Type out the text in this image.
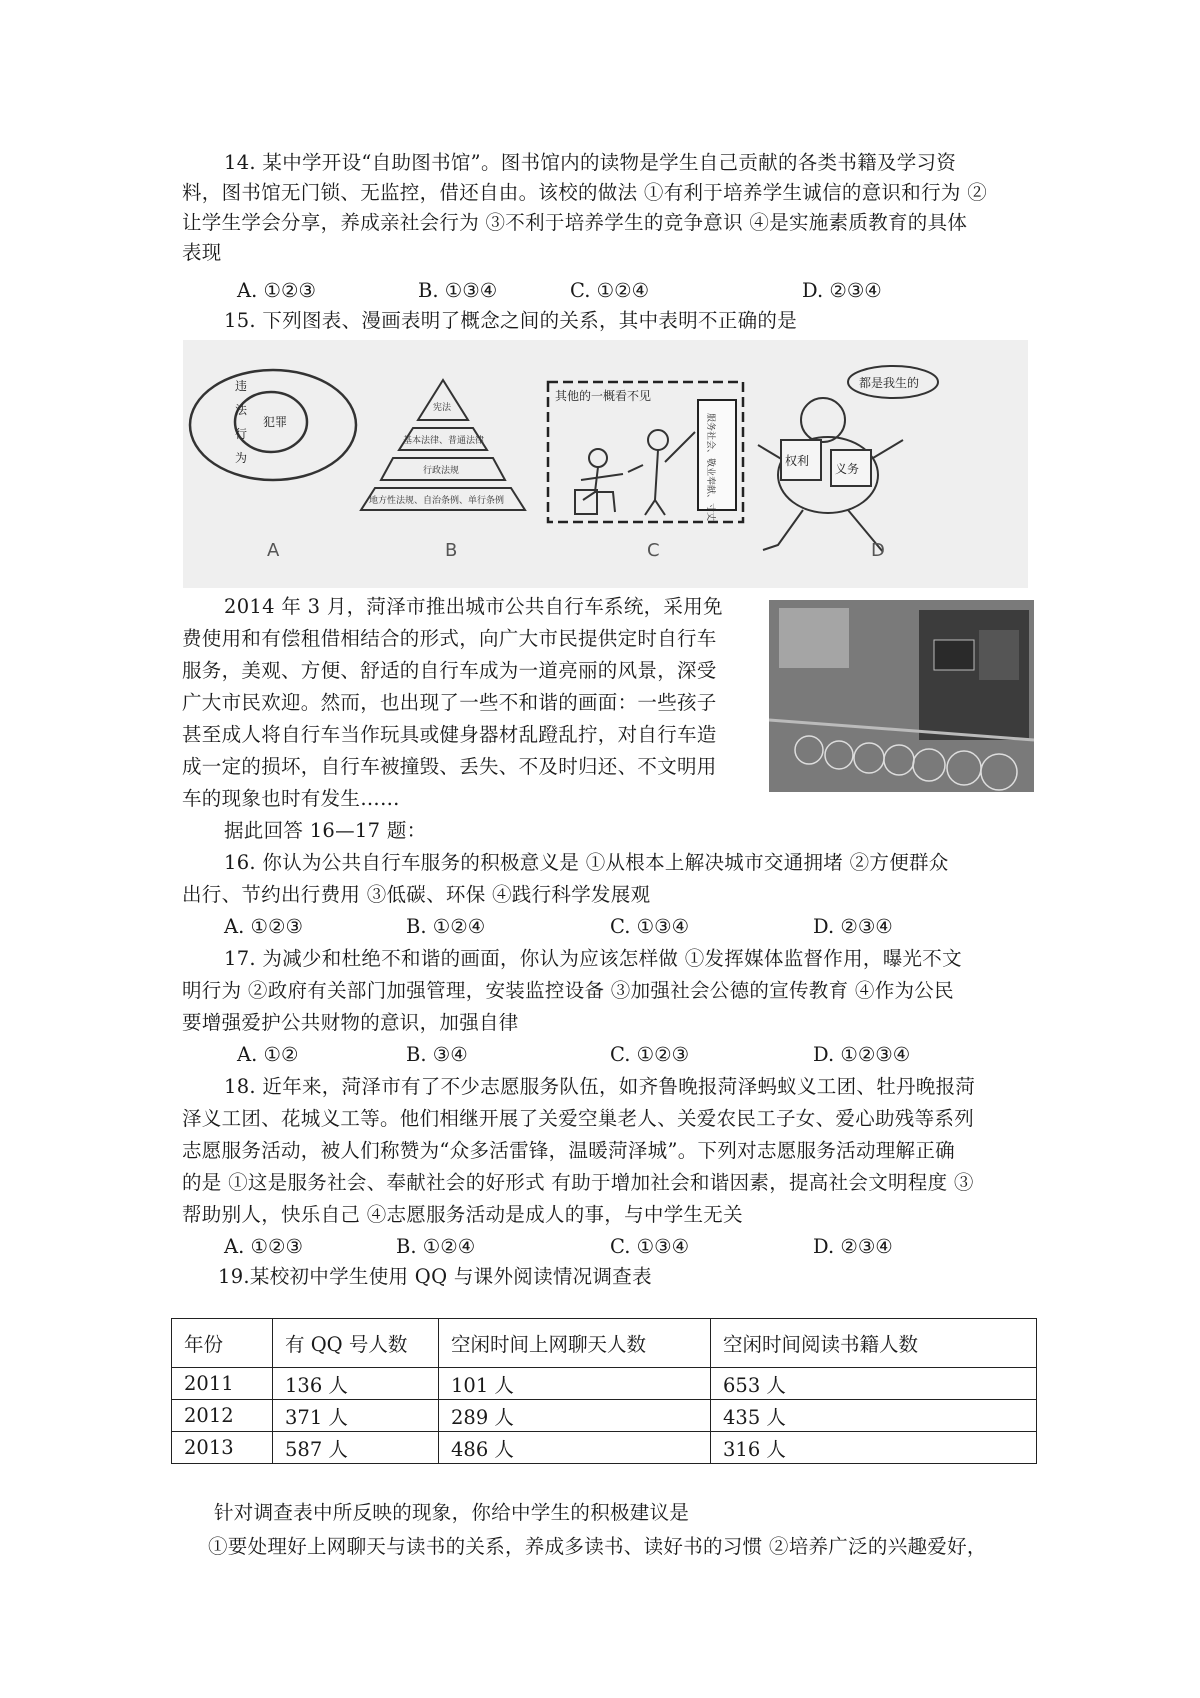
14. 某中学开设“自助图书馆”。图书馆内的读物是学生自己贡献的各类书籍及学习资
料，图书馆无门锁、无监控，借还自由。该校的做法 ①有利于培养学生诚信的意识和行为 ②
让学生学会分享，养成亲社会行为 ③不利于培养学生的竞争意识 ④是实施素质教育的具体
表现
A. ①②③	B. ①③④	C. ①②④	D. ②③④
15. 下列图表、漫画表明了概念之间的关系，其中表明不正确的是
违
法
行
为
犯罪
宪法
基本法律、普通法律
行政法规
地方性法规、自治条例、单行条例
其他的一概看不见
服务社会、敬业奉献、寸丈
都是我生的
权利
义务
A	B	C	D
2014 年 3 月，菏泽市推出城市公共自行车系统，采用免
费使用和有偿租借相结合的形式，向广大市民提供定时自行车
服务，美观、方便、舒适的自行车成为一道亮丽的风景，深受
广大市民欢迎。然而，也出现了一些不和谐的画面：一些孩子
甚至成人将自行车当作玩具或健身器材乱蹬乱拧，对自行车造
成一定的损坏，自行车被撞毁、丢失、不及时归还、不文明用
车的现象也时有发生……
据此回答 16—17 题：
16. 你认为公共自行车服务的积极意义是 ①从根本上解决城市交通拥堵 ②方便群众
出行、节约出行费用 ③低碳、环保 ④践行科学发展观
A. ①②③	B. ①②④	C. ①③④	D. ②③④
17. 为减少和杜绝不和谐的画面，你认为应该怎样做 ①发挥媒体监督作用，曝光不文
明行为 ②政府有关部门加强管理，安装监控设备 ③加强社会公德的宣传教育 ④作为公民
要增强爱护公共财物的意识，加强自律
A. ①②	B. ③④	C. ①②③	D. ①②③④
18. 近年来，菏泽市有了不少志愿服务队伍，如齐鲁晚报菏泽蚂蚁义工团、牡丹晚报菏
泽义工团、花城义工等。他们相继开展了关爱空巢老人、关爱农民工子女、爱心助残等系列
志愿服务活动，被人们称赞为“众多活雷锋，温暖菏泽城”。下列对志愿服务活动理解正确
的是 ①这是服务社会、奉献社会的好形式 有助于增加社会和谐因素，提高社会文明程度 ③
帮助别人，快乐自己 ④志愿服务活动是成人的事，与中学生无关
A. ①②③	B. ①②④	C. ①③④	D. ②③④
19.某校初中学生使用 QQ 与课外阅读情况调查表
年份	有 QQ 号人数	空闲时间上网聊天人数	空闲时间阅读书籍人数
2011	136 人	101 人	653 人
2012	371 人	289 人	435 人
2013	587 人	486 人	316 人
针对调查表中所反映的现象，你给中学生的积极建议是
①要处理好上网聊天与读书的关系，养成多读书、读好书的习惯 ②培养广泛的兴趣爱好，
